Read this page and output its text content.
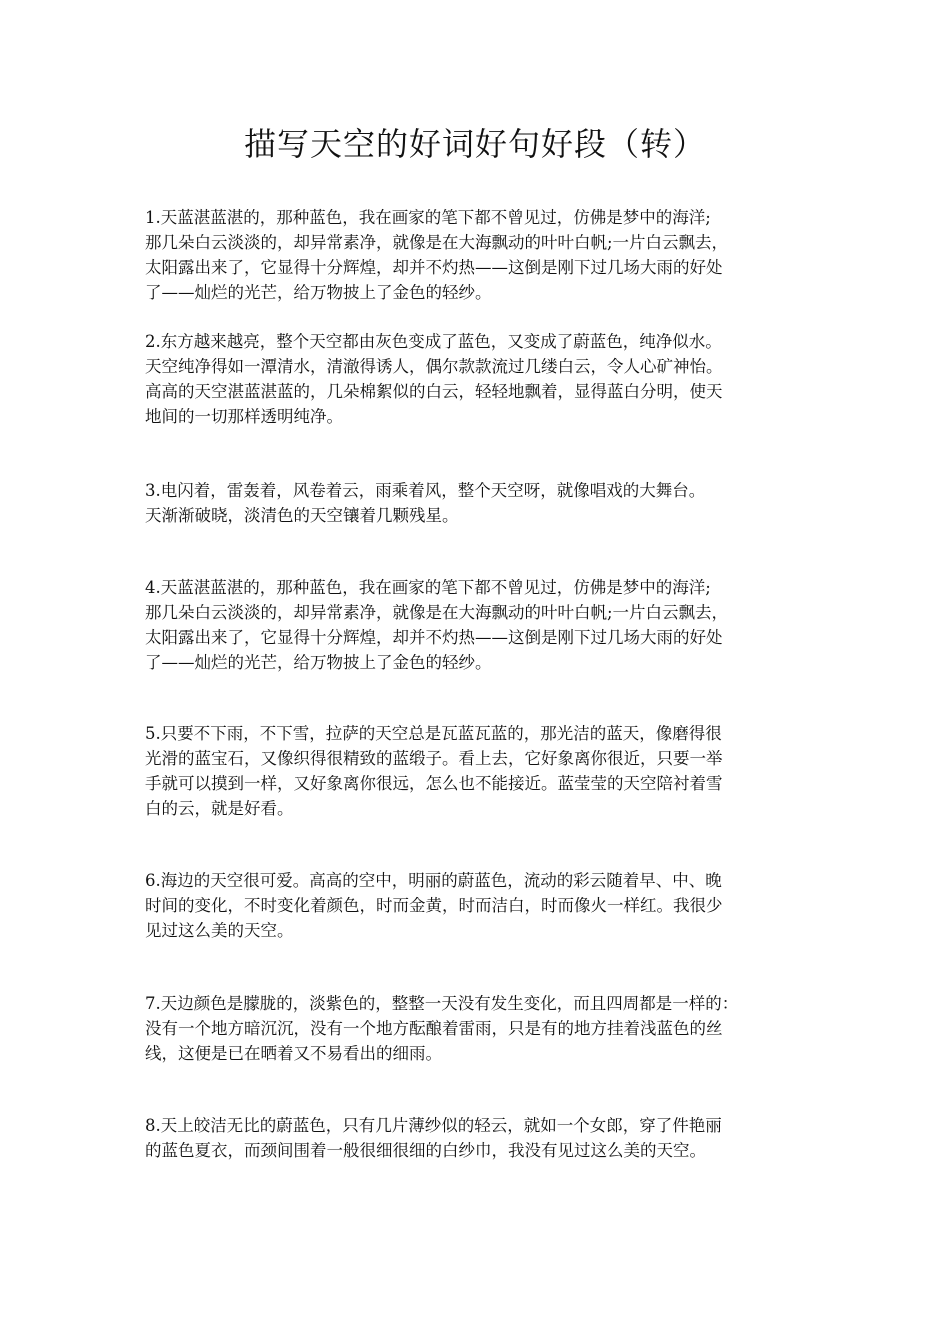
描写天空的好词好句好段（转）
1.天蓝湛蓝湛的，那种蓝色，我在画家的笔下都不曾见过，仿佛是梦中的海洋;
那几朵白云淡淡的，却异常素净，就像是在大海飘动的叶叶白帆;一片白云飘去，
太阳露出来了，它显得十分辉煌，却并不灼热——这倒是刚下过几场大雨的好处
了——灿烂的光芒，给万物披上了金色的轻纱。
2.东方越来越亮，整个天空都由灰色变成了蓝色，又变成了蔚蓝色，纯净似水。
天空纯净得如一潭清水，清澈得诱人，偶尔款款流过几缕白云，令人心矿神怡。
高高的天空湛蓝湛蓝的，几朵棉絮似的白云，轻轻地飘着，显得蓝白分明，使天
地间的一切那样透明纯净。
3.电闪着，雷轰着，风卷着云，雨乘着风，整个天空呀，就像唱戏的大舞台。
天渐渐破晓，淡清色的天空镶着几颗残星。
4.天蓝湛蓝湛的，那种蓝色，我在画家的笔下都不曾见过，仿佛是梦中的海洋;
那几朵白云淡淡的，却异常素净，就像是在大海飘动的叶叶白帆;一片白云飘去，
太阳露出来了，它显得十分辉煌，却并不灼热——这倒是刚下过几场大雨的好处
了——灿烂的光芒，给万物披上了金色的轻纱。
5.只要不下雨，不下雪，拉萨的天空总是瓦蓝瓦蓝的，那光洁的蓝天，像磨得很
光滑的蓝宝石，又像织得很精致的蓝缎子。看上去，它好象离你很近，只要一举
手就可以摸到一样，又好象离你很远，怎么也不能接近。蓝莹莹的天空陪衬着雪
白的云，就是好看。
6.海边的天空很可爱。高高的空中，明丽的蔚蓝色，流动的彩云随着早、中、晚
时间的变化，不时变化着颜色，时而金黄，时而洁白，时而像火一样红。我很少
见过这么美的天空。
7.天边颜色是朦胧的，淡紫色的，整整一天没有发生变化，而且四周都是一样的：
没有一个地方暗沉沉，没有一个地方酝酿着雷雨，只是有的地方挂着浅蓝色的丝
线，这便是已在晒着又不易看出的细雨。
8.天上皎洁无比的蔚蓝色，只有几片薄纱似的轻云，就如一个女郎，穿了件艳丽
的蓝色夏衣，而颈间围着一般很细很细的白纱巾，我没有见过这么美的天空。
